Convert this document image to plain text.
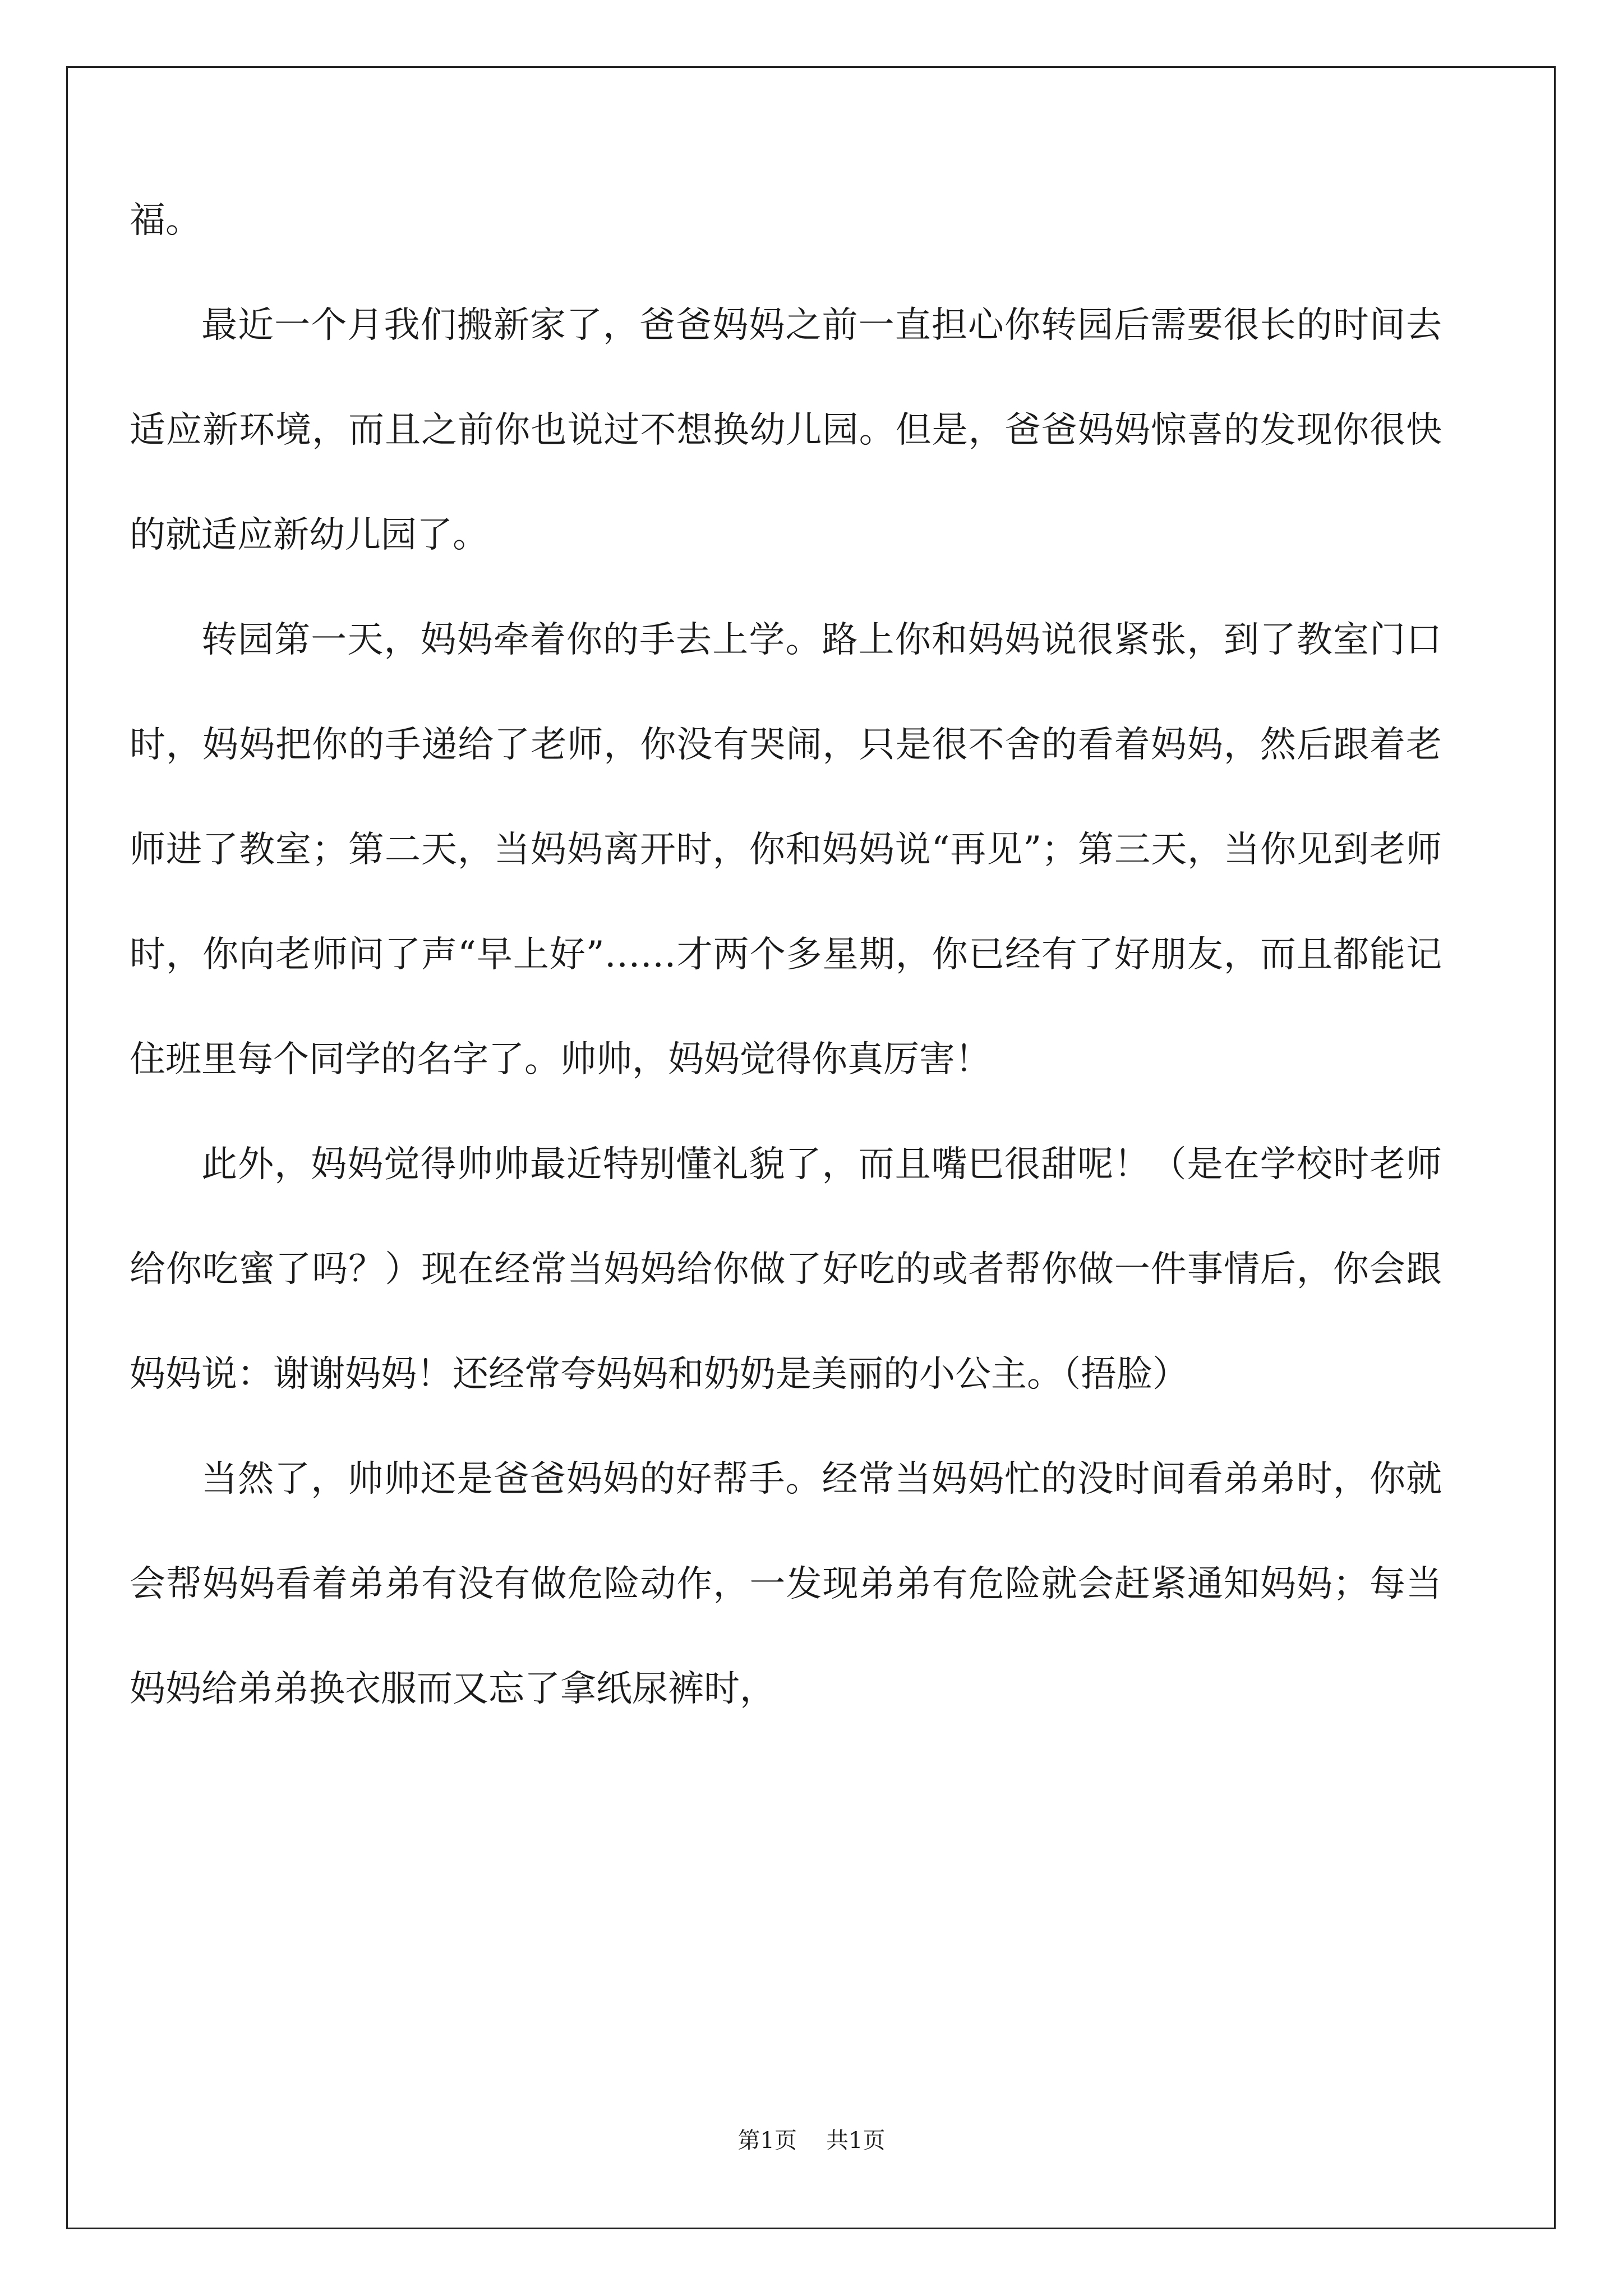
福。

最近一个月我们搬新家了，爸爸妈妈之前一直担心你转园后需要很长的时间去适应新环境，而且之前你也说过不想换幼儿园。但是，爸爸妈妈惊喜的发现你很快的就适应新幼儿园了。

转园第一天，妈妈牵着你的手去上学。路上你和妈妈说很紧张，到了教室门口时，妈妈把你的手递给了老师，你没有哭闹，只是很不舍的看着妈妈，然后跟着老师进了教室；第二天，当妈妈离开时，你和妈妈说“再见”；第三天，当你见到老师时，你向老师问了声“早上好”……才两个多星期，你已经有了好朋友，而且都能记住班里每个同学的名字了。帅帅，妈妈觉得你真厉害！

此外，妈妈觉得帅帅最近特别懂礼貌了，而且嘴巴很甜呢！（是在学校时老师给你吃蜜了吗？）现在经常当妈妈给你做了好吃的或者帮你做一件事情后，你会跟妈妈说：谢谢妈妈！还经常夸妈妈和奶奶是美丽的小公主。（捂脸）

当然了，帅帅还是爸爸妈妈的好帮手。经常当妈妈忙的没时间看弟弟时，你就会帮妈妈看着弟弟有没有做危险动作，一发现弟弟有危险就会赶紧通知妈妈；每当妈妈给弟弟换衣服而又忘了拿纸尿裤时，

第1页 共1页
